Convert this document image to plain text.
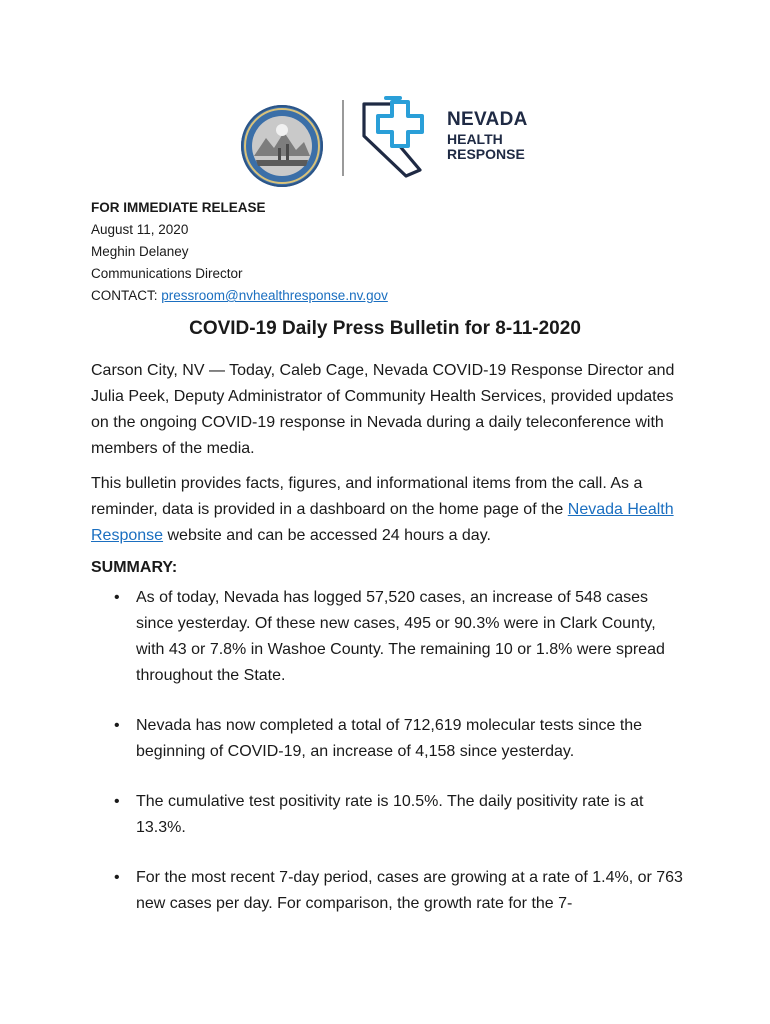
NEVADA
HEALTH
RESPONSE
FOR IMMEDIATE RELEASE
August 11, 2020
Meghin Delaney
Communications Director
CONTACT: pressroom@nvhealthresponse.nv.gov
COVID-19 Daily Press Bulletin for 8-11-2020
Carson City, NV — Today, Caleb Cage, Nevada COVID-19 Response Director and Julia Peek, Deputy Administrator of Community Health Services, provided updates on the ongoing COVID-19 response in Nevada during a daily teleconference with members of the media.
This bulletin provides facts, figures, and informational items from the call. As a reminder, data is provided in a dashboard on the home page of the Nevada Health Response website and can be accessed 24 hours a day.
SUMMARY:
• As of today, Nevada has logged 57,520 cases, an increase of 548 cases since yesterday. Of these new cases, 495 or 90.3% were in Clark County, with 43 or 7.8% in Washoe County. The remaining 10 or 1.8% were spread throughout the State.
• Nevada has now completed a total of 712,619 molecular tests since the beginning of COVID-19, an increase of 4,158 since yesterday.
• The cumulative test positivity rate is 10.5%. The daily positivity rate is at 13.3%.
• For the most recent 7-day period, cases are growing at a rate of 1.4%, or 763 new cases per day. For comparison, the growth rate for the 7-
